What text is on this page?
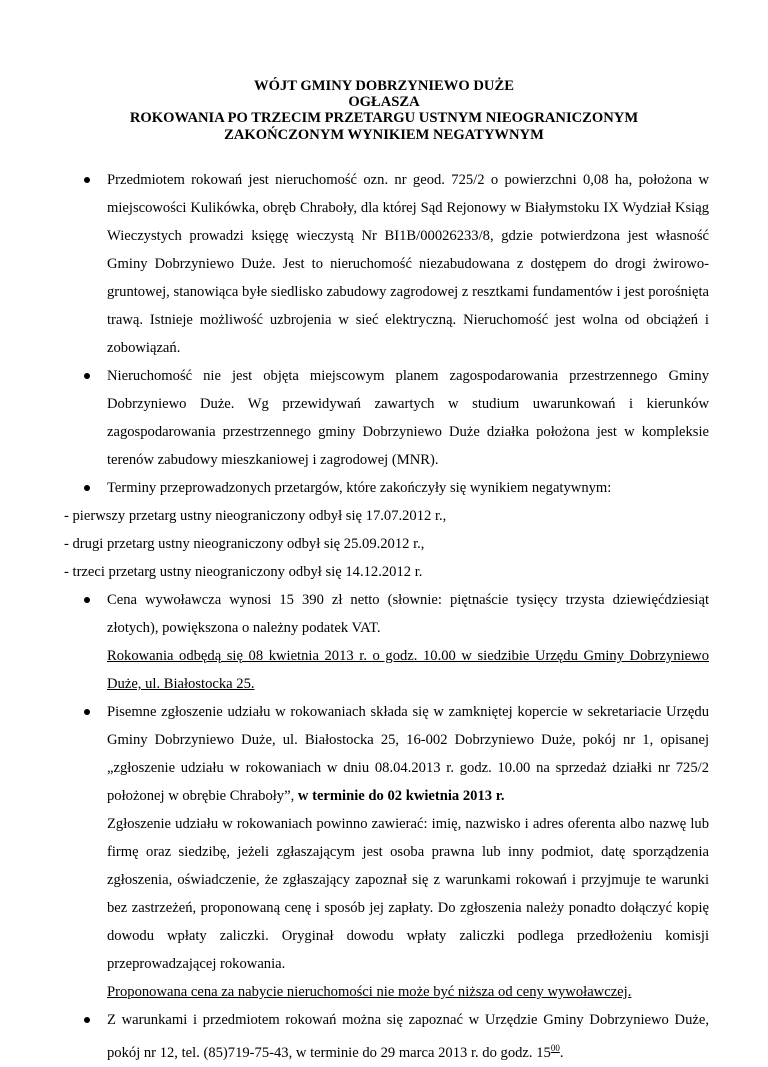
WÓJT GMINY DOBRZYNIEWO DUŻE
OGŁASZA
ROKOWANIA PO TRZECIM PRZETARGU USTNYM NIEOGRANICZONYM
ZAKOŃCZONYM WYNIKIEM NEGATYWNYM
Przedmiotem rokowań jest nieruchomość ozn. nr geod. 725/2 o powierzchni 0,08 ha, położona w miejscowości Kulikówka, obręb Chraboły, dla której Sąd Rejonowy w Białymstoku IX Wydział Ksiąg Wieczystych prowadzi księgę wieczystą Nr BI1B/00026233/8, gdzie potwierdzona jest własność Gminy Dobrzyniewo Duże. Jest to nieruchomość niezabudowana z dostępem do drogi żwirowo-gruntowej, stanowiąca byłe siedlisko zabudowy zagrodowej z resztkami fundamentów i jest porośnięta trawą. Istnieje możliwość uzbrojenia w sieć elektryczną. Nieruchomość jest wolna od obciążeń i zobowiązań.
Nieruchomość nie jest objęta miejscowym planem zagospodarowania przestrzennego Gminy Dobrzyniewo Duże. Wg przewidywań zawartych w studium uwarunkowań i kierunków zagospodarowania przestrzennego gminy Dobrzyniewo Duże działka położona jest w kompleksie terenów zabudowy mieszkaniowej i zagrodowej (MNR).
Terminy przeprowadzonych przetargów, które zakończyły się wynikiem negatywnym:
- pierwszy przetarg ustny nieograniczony odbył się 17.07.2012 r.,
- drugi przetarg ustny nieograniczony odbył się 25.09.2012 r.,
- trzeci przetarg ustny nieograniczony odbył się 14.12.2012 r.
Cena wywoławcza wynosi 15 390 zł netto (słownie: piętnaście tysięcy trzysta dziewięćdziesiąt złotych), powiększona o należny podatek VAT.
Rokowania odbędą się 08 kwietnia 2013 r. o godz. 10.00 w siedzibie Urzędu Gminy Dobrzyniewo Duże, ul. Białostocka 25.
Pisemne zgłoszenie udziału w rokowaniach składa się w zamkniętej kopercie w sekretariacie Urzędu Gminy Dobrzyniewo Duże, ul. Białostocka 25, 16-002 Dobrzyniewo Duże, pokój nr 1, opisanej „zgłoszenie udziału w rokowaniach w dniu 08.04.2013 r. godz. 10.00 na sprzedaż działki nr 725/2 położonej w obrębie Chraboły”, w terminie do 02 kwietnia 2013 r.
Zgłoszenie udziału w rokowaniach powinno zawierać: imię, nazwisko i adres oferenta albo nazwę lub firmę oraz siedzibę, jeżeli zgłaszającym jest osoba prawna lub inny podmiot, datę sporządzenia zgłoszenia, oświadczenie, że zgłaszający zapoznał się z warunkami rokowań i przyjmuje te warunki bez zastrzeżeń, proponowaną cenę i sposób jej zapłaty. Do zgłoszenia należy ponadto dołączyć kopię dowodu wpłaty zaliczki. Oryginał dowodu wpłaty zaliczki podlega przedłożeniu komisji przeprowadzającej rokowania.
Proponowana cena za nabycie nieruchomości nie może być niższa od ceny wywoławczej.
Z warunkami i przedmiotem rokowań można się zapoznać w Urzędzie Gminy Dobrzyniewo Duże, pokój nr 12, tel. (85)719-75-43, w terminie do 29 marca 2013 r. do godz. $15^{00}$.
